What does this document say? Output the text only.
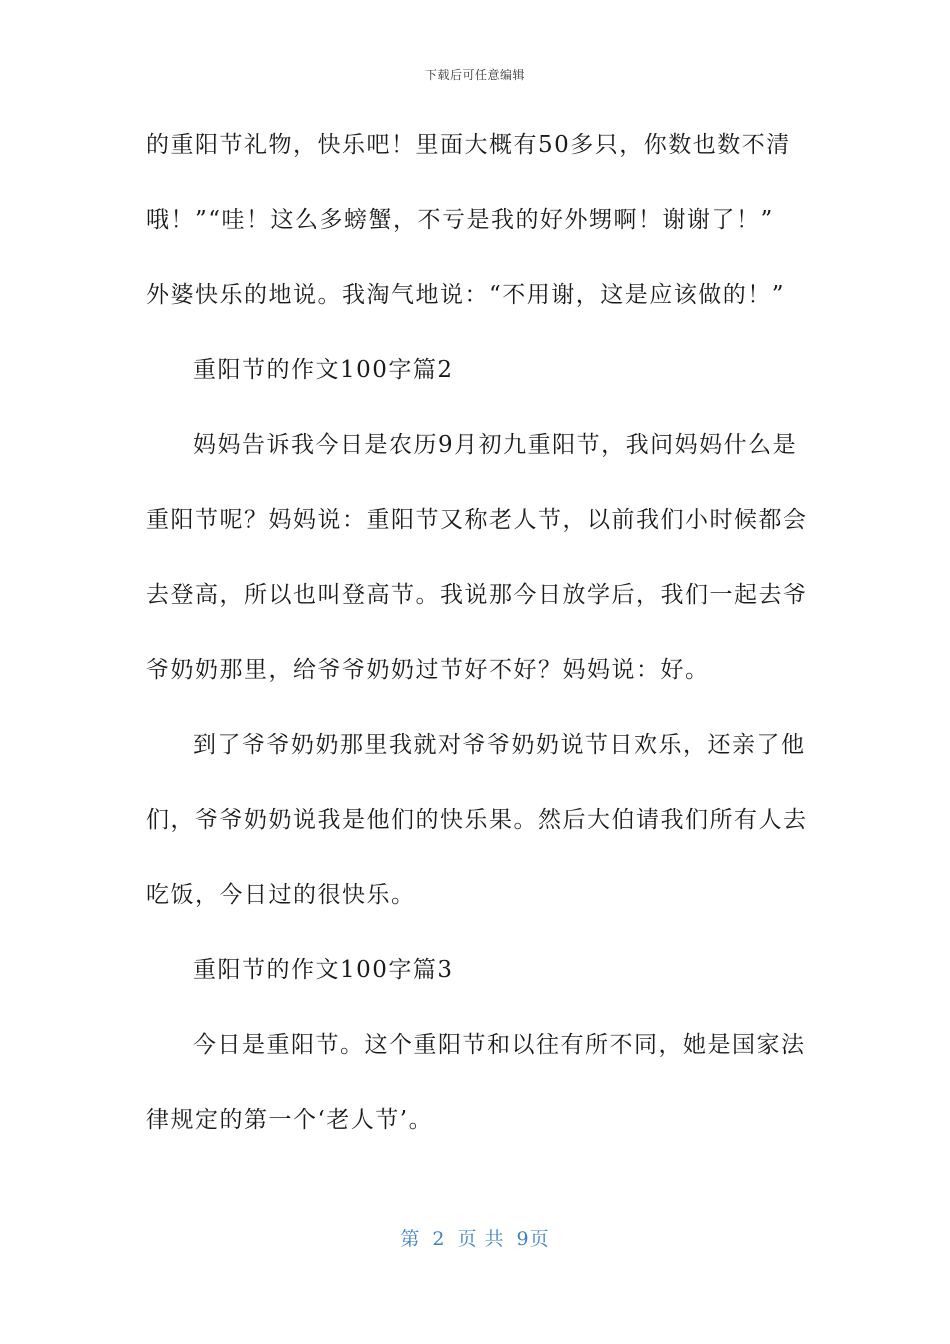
下载后可任意编辑
的重阳节礼物，快乐吧！里面大概有50多只，你数也数不清
哦！”“哇！这么多螃蟹，不亏是我的好外甥啊！谢谢了！”
外婆快乐的地说。我淘气地说：“不用谢，这是应该做的！”
重阳节的作文100字篇2
妈妈告诉我今日是农历9月初九重阳节，我问妈妈什么是
重阳节呢？妈妈说：重阳节又称老人节，以前我们小时候都会
去登高，所以也叫登高节。我说那今日放学后，我们一起去爷
爷奶奶那里，给爷爷奶奶过节好不好？妈妈说：好。
到了爷爷奶奶那里我就对爷爷奶奶说节日欢乐，还亲了他
们，爷爷奶奶说我是他们的快乐果。然后大伯请我们所有人去
吃饭，今日过的很快乐。
重阳节的作文100字篇3
今日是重阳节。这个重阳节和以往有所不同，她是国家法
律规定的第一个‘老人节’。
第 2 页 共 9页
